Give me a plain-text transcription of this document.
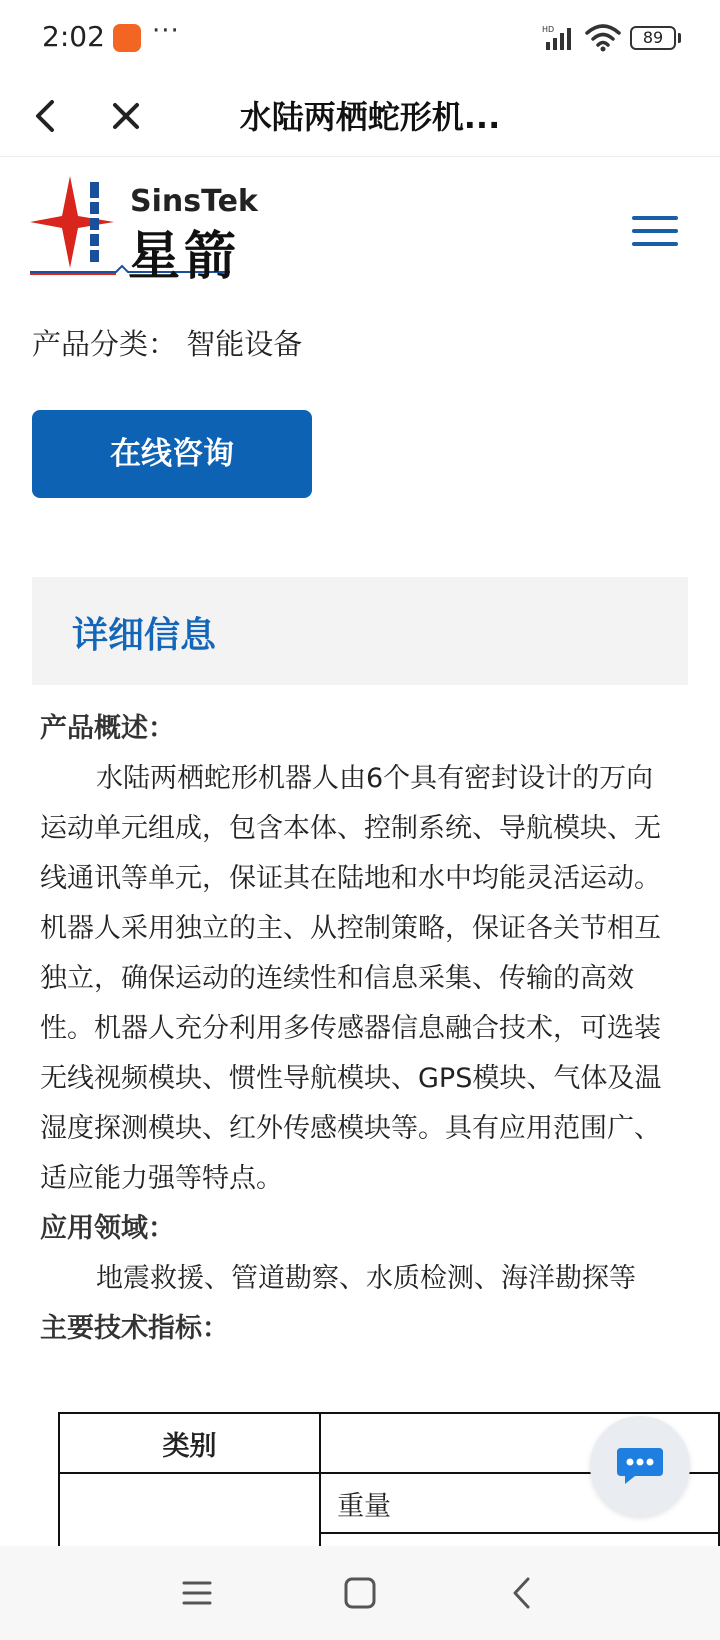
2:02 ···	HD	89
水陆两栖蛇形机...
SinsTek
星箭
产品分类： 智能设备
在线咨询
详细信息
产品概述：
水陆两栖蛇形机器人由6个具有密封设计的万向运动单元组成，包含本体、控制系统、导航模块、无线通讯等单元，保证其在陆地和水中均能灵活运动。机器人采用独立的主、从控制策略，保证各关节相互独立，确保运动的连续性和信息采集、传输的高效性。机器人充分利用多传感器信息融合技术，可选装无线视频模块、惯性导航模块、GPS模块、气体及温湿度探测模块、红外传感模块等。具有应用范围广、适应能力强等特点。
应用领域：
地震救援、管道勘察、水质检测、海洋勘探等
主要技术指标：
类别	
	重量
